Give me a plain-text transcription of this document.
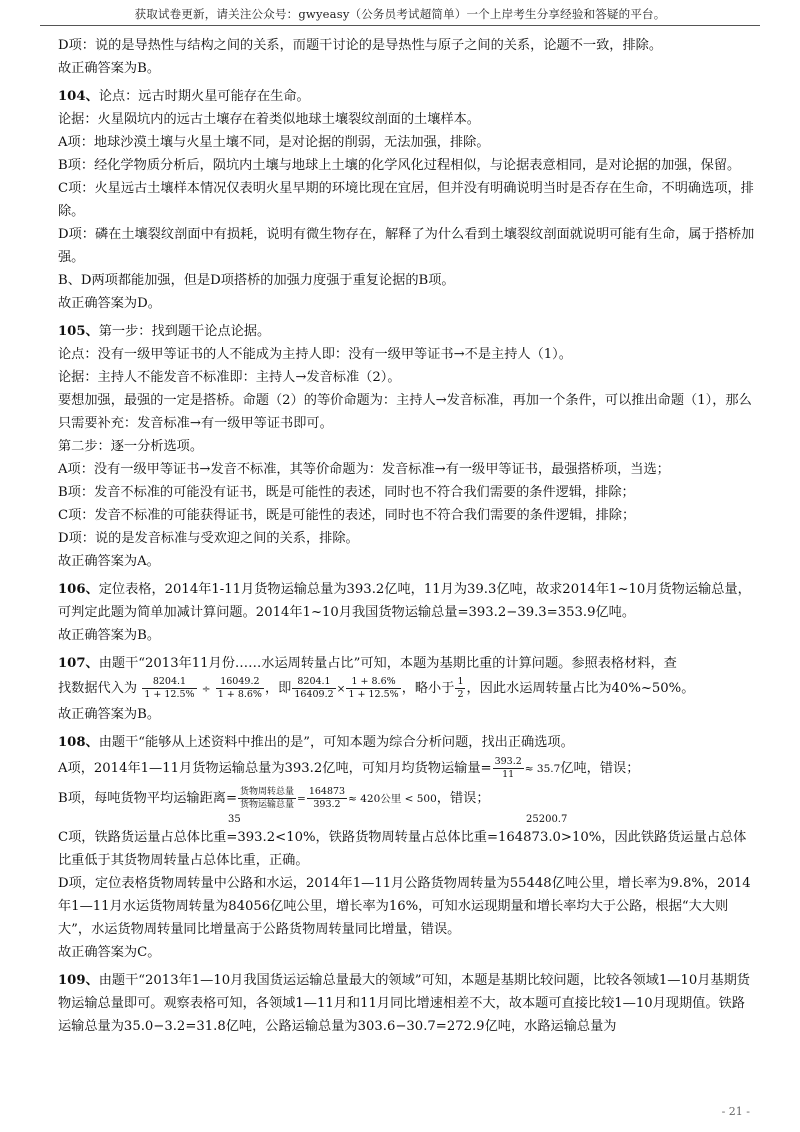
获取试卷更新，请关注公众号：gwyeasy（公务员考试超简单）一个上岸考生分享经验和答疑的平台。

D项：说的是导热性与结构之间的关系，而题干讨论的是导热性与原子之间的关系，论题不一致，排除。

故正确答案为B。

104、论点：远古时期火星可能存在生命。

论据：火星陨坑内的远古土壤存在着类似地球土壤裂纹剖面的土壤样本。

A项：地球沙漠土壤与火星土壤不同，是对论据的削弱，无法加强，排除。

B项：经化学物质分析后，陨坑内土壤与地球上土壤的化学风化过程相似，与论据表意相同，是对论据的加强，保留。

C项：火星远古土壤样本情况仅表明火星早期的环境比现在宜居，但并没有明确说明当时是否存在生命，不明确选项，排除。

D项：磷在土壤裂纹剖面中有损耗，说明有微生物存在，解释了为什么看到土壤裂纹剖面就说明可能有生命，属于搭桥加强。

B、D两项都能加强，但是D项搭桥的加强力度强于重复论据的B项。

故正确答案为D。

105、第一步：找到题干论点论据。

论点：没有一级甲等证书的人不能成为主持人即：没有一级甲等证书→不是主持人（1）。

论据：主持人不能发音不标准即：主持人→发音标准（2）。

要想加强，最强的一定是搭桥。命题（2）的等价命题为：主持人→发音标准，再加一个条件，可以推出命题（1），那么只需要补充：发音标准→有一级甲等证书即可。

第二步：逐一分析选项。

A项：没有一级甲等证书→发音不标准，其等价命题为：发音标准→有一级甲等证书，最强搭桥项，当选；

B项：发音不标准的可能没有证书，既是可能性的表述，同时也不符合我们需要的条件逻辑，排除；

C项：发音不标准的可能获得证书，既是可能性的表述，同时也不符合我们需要的条件逻辑，排除；

D项：说的是发音标准与受欢迎之间的关系，排除。

故正确答案为A。

106、定位表格，2014年1-11月货物运输总量为393.2亿吨，11月为39.3亿吨，故求2014年1~10月货物运输总量，可判定此题为简单加减计算问题。2014年1~10月我国货物运输总量=393.2−39.3=353.9亿吨。

故正确答案为B。

107、由题干“2013年11月份……水运周转量占比”可知，本题为基期比重的计算问题。参照表格材料，查

找数据代入为 $\frac{8204.1}{1 + 12.5\%} \div \frac{16049.2}{1 + 8.6\%}$ ，即 $\frac{8204.1}{16409.2} \times \frac{1 + 8.6\%}{1 + 12.5\%}$ ，略小于 $\frac{1}{2}$ ，因此水运周转量占比为40%~50%。

故正确答案为B。

108、由题干“能够从上述资料中推出的是”，可知本题为综合分析问题，找出正确选项。

A项，2014年1—11月货物运输总量为393.2亿吨，可知月均货物运输量= $\frac{393.2}{11} \approx 35.7$亿吨，错误；

B项，每吨货物平均运输距离= $\frac{\text{货物周转总量}}{\text{货物运输总量}} = \frac{164873}{393.2} \approx 420$公里 < 500，错误；

35	25200.7

C项，铁路货运量占总体比重=393.2<10%，铁路货物周转量占总体比重=164873.0>10%，因此铁路货运量占总体比重低于其货物周转量占总体比重，正确。

D项，定位表格货物周转量中公路和水运，2014年1—11月公路货物周转量为55448亿吨公里，增长率为9.8%，2014年1—11月水运货物周转量为84056亿吨公里，增长率为16%，可知水运现期量和增长率均大于公路，根据“大大则大”，水运货物周转量同比增量高于公路货物周转量同比增量，错误。

故正确答案为C。

109、由题干“2013年1—10月我国货运运输总量最大的领域”可知，本题是基期比较问题，比较各领域1—10月基期货物运输总量即可。观察表格可知，各领域1—11月和11月同比增速相差不大，故本题可直接比较1—10月现期值。铁路运输总量为35.0−3.2=31.8亿吨，公路运输总量为303.6−30.7=272.9亿吨，水路运输总量为

- 21 -
